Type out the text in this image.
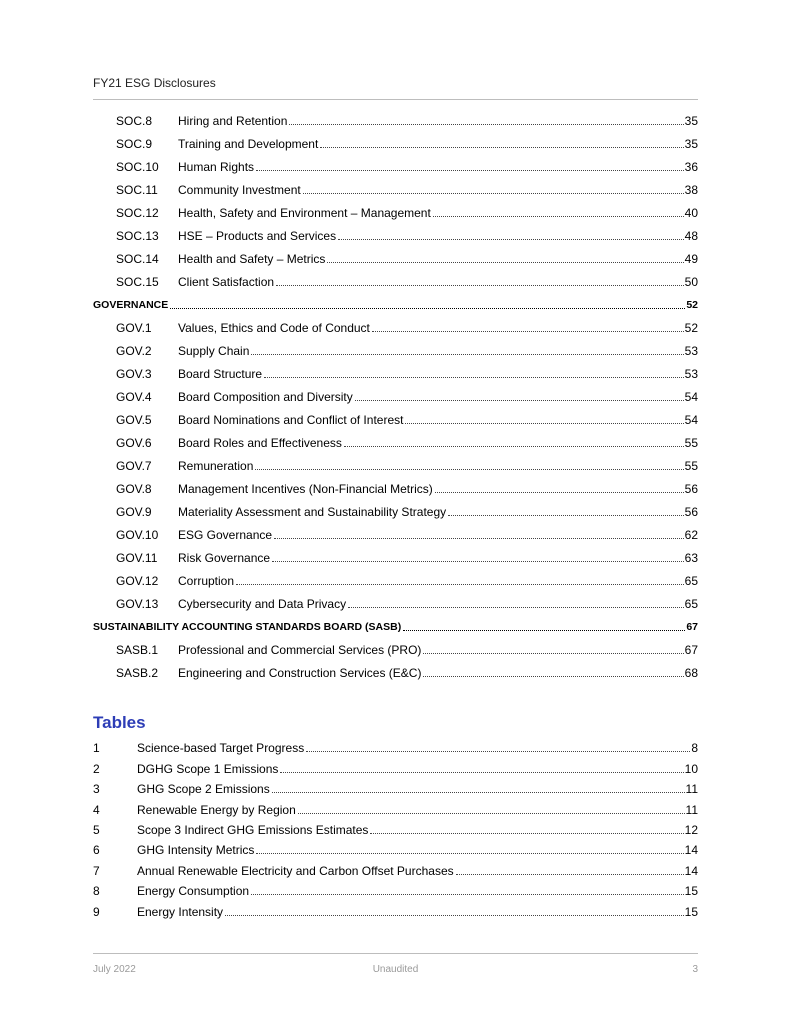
FY21 ESG Disclosures
SOC.8	Hiring and Retention	35
SOC.9	Training and Development	35
SOC.10	Human Rights	36
SOC.11	Community Investment	38
SOC.12	Health, Safety and Environment – Management	40
SOC.13	HSE – Products and Services	48
SOC.14	Health and Safety – Metrics	49
SOC.15	Client Satisfaction	50
GOVERNANCE	52
GOV.1	Values, Ethics and Code of Conduct	52
GOV.2	Supply Chain	53
GOV.3	Board Structure	53
GOV.4	Board Composition and Diversity	54
GOV.5	Board Nominations and Conflict of Interest	54
GOV.6	Board Roles and Effectiveness	55
GOV.7	Remuneration	55
GOV.8	Management Incentives (Non-Financial Metrics)	56
GOV.9	Materiality Assessment and Sustainability Strategy	56
GOV.10	ESG Governance	62
GOV.11	Risk Governance	63
GOV.12	Corruption	65
GOV.13	Cybersecurity and Data Privacy	65
SUSTAINABILITY ACCOUNTING STANDARDS BOARD (SASB)	67
SASB.1	Professional and Commercial Services (PRO)	67
SASB.2	Engineering and Construction Services (E&C)	68
Tables
1	Science-based Target Progress	8
2	DGHG Scope 1 Emissions	10
3	GHG Scope 2 Emissions	11
4	Renewable Energy by Region	11
5	Scope 3 Indirect GHG Emissions Estimates	12
6	GHG Intensity Metrics	14
7	Annual Renewable Electricity and Carbon Offset Purchases	14
8	Energy Consumption	15
9	Energy Intensity	15
July 2022	Unaudited	3
